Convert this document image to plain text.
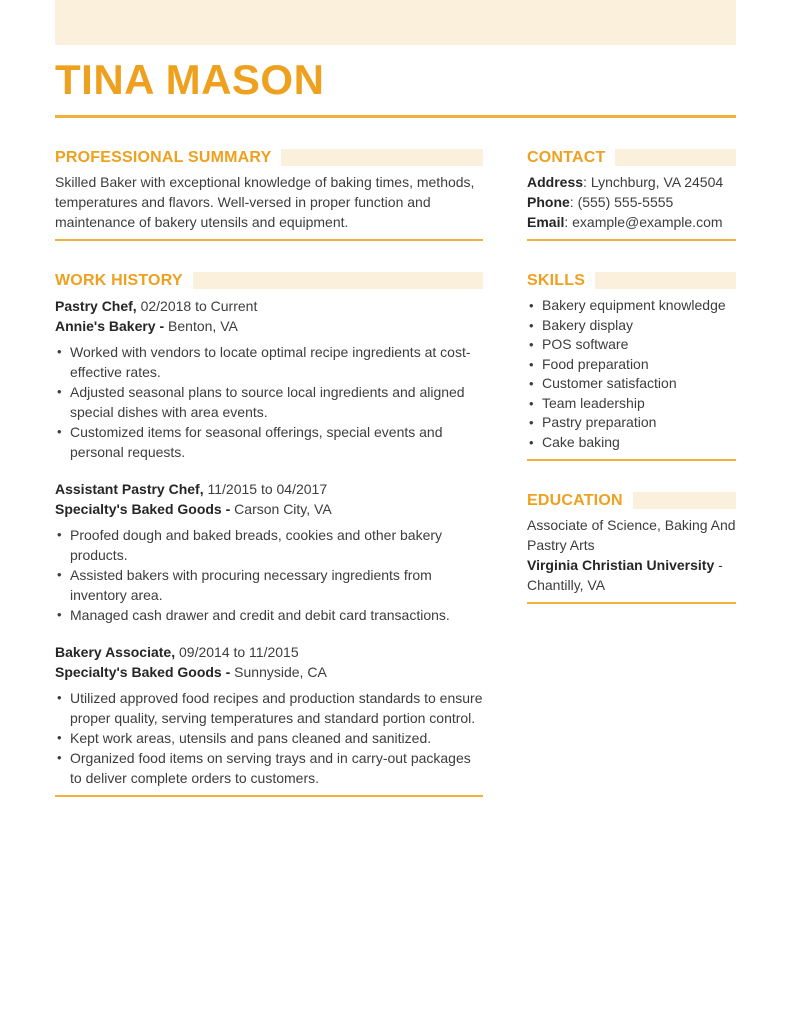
TINA MASON
PROFESSIONAL SUMMARY

Skilled Baker with exceptional knowledge of baking times, methods, temperatures and flavors. Well-versed in proper function and maintenance of bakery utensils and equipment.

WORK HISTORY
Pastry Chef, 02/2018 to Current
Annie's Bakery - Benton, VA
• Worked with vendors to locate optimal recipe ingredients at cost-effective rates.
• Adjusted seasonal plans to source local ingredients and aligned special dishes with area events.
• Customized items for seasonal offerings, special events and personal requests.
Assistant Pastry Chef, 11/2015 to 04/2017
Specialty's Baked Goods - Carson City, VA
• Proofed dough and baked breads, cookies and other bakery products.
• Assisted bakers with procuring necessary ingredients from inventory area.
• Managed cash drawer and credit and debit card transactions.
Bakery Associate, 09/2014 to 11/2015
Specialty's Baked Goods - Sunnyside, CA
• Utilized approved food recipes and production standards to ensure proper quality, serving temperatures and standard portion control.
• Kept work areas, utensils and pans cleaned and sanitized.
• Organized food items on serving trays and in carry-out packages to deliver complete orders to customers.
CONTACT
Address: Lynchburg, VA 24504
Phone: (555) 555-5555
Email: example@example.com
SKILLS
• Bakery equipment knowledge
• Bakery display
• POS software
• Food preparation
• Customer satisfaction
• Team leadership
• Pastry preparation
• Cake baking
EDUCATION
Associate of Science, Baking And Pastry Arts
Virginia Christian University -
Chantilly, VA
